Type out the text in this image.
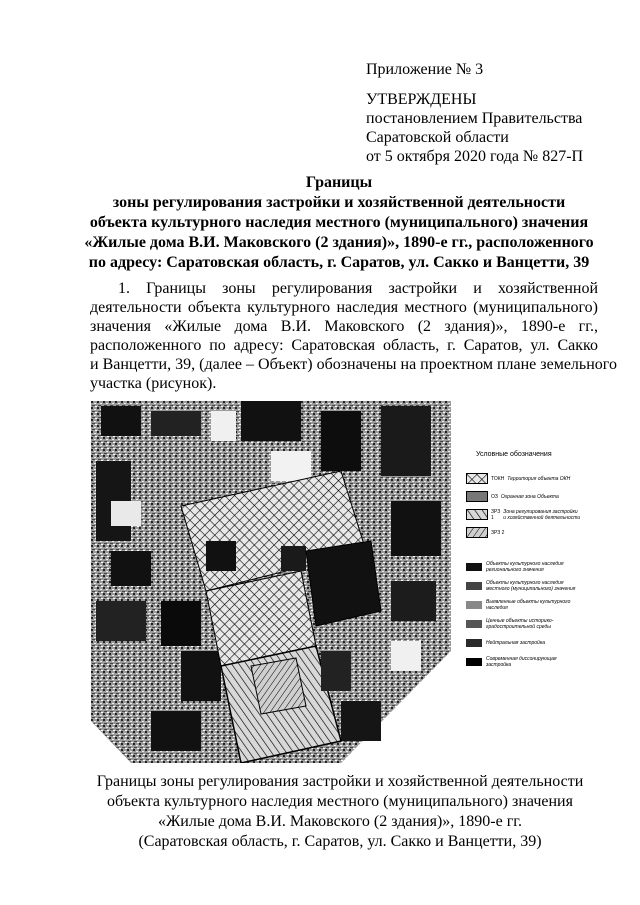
Приложение № 3
УТВЕРЖДЕНЫ
постановлением Правительства
Саратовской области
от 5 октября 2020 года № 827-П
Границы
зоны регулирования застройки и хозяйственной деятельности
объекта культурного наследия местного (муниципального) значения
«Жилые дома В.И. Маковского (2 здания)», 1890-е гг., расположенного
по адресу: Саратовская область, г. Саратов, ул. Сакко и Ванцетти, 39
1. Границы зоны регулирования застройки и хозяйственной
деятельности объекта культурного наследия местного (муниципального)
значения «Жилые дома В.И. Маковского (2 здания)», 1890-е гг.,
расположенного по адресу: Саратовская область, г. Саратов, ул. Сакко
и Ванцетти, 39, (далее – Объект) обозначены на проектном плане земельного
участка (рисунок).
Условные обозначения
ТОКН Территория объекта ОКН
ОЗ Охранная зона Объекта
ЗРЗ 1
Зона регулирования застройки и хозяйственной деятельности
ЗРЗ 2
Объекты культурного наследия регионального значения
Объекты культурного наследия местного (муниципального) значения
Выявленные объекты культурного наследия
Ценные объекты историко-градостроительной среды
Нейтральная застройка
Современная диссонирующая застройка
Границы зоны регулирования застройки и хозяйственной деятельности
объекта культурного наследия местного (муниципального) значения
«Жилые дома В.И. Маковского (2 здания)», 1890-е гг.
(Саратовская область, г. Саратов, ул. Сакко и Ванцетти, 39)
